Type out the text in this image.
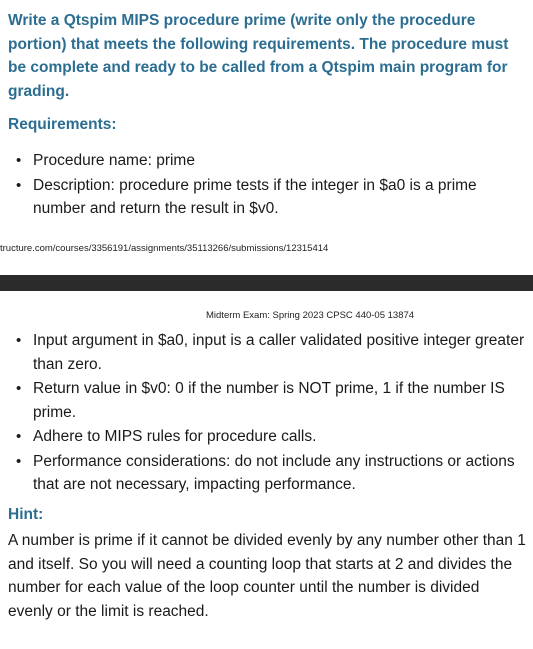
Write a Qtspim MIPS procedure prime (write only the procedure portion) that meets the following requirements. The procedure must be complete and ready to be called from a Qtspim main program for grading.
Requirements:
• Procedure name: prime
• Description: procedure prime tests if the integer in $a0 is a prime number and return the result in $v0.
tructure.com/courses/3356191/assignments/35113266/submissions/12315414
Midterm Exam: Spring 2023 CPSC 440-05 13874
• Input argument in $a0, input is a caller validated positive integer greater than zero.
• Return value in $v0: 0 if the number is NOT prime, 1 if the number IS prime.
• Adhere to MIPS rules for procedure calls.
• Performance considerations: do not include any instructions or actions that are not necessary, impacting performance.
Hint:
A number is prime if it cannot be divided evenly by any number other than 1 and itself. So you will need a counting loop that starts at 2 and divides the number for each value of the loop counter until the number is divided evenly or the limit is reached.
